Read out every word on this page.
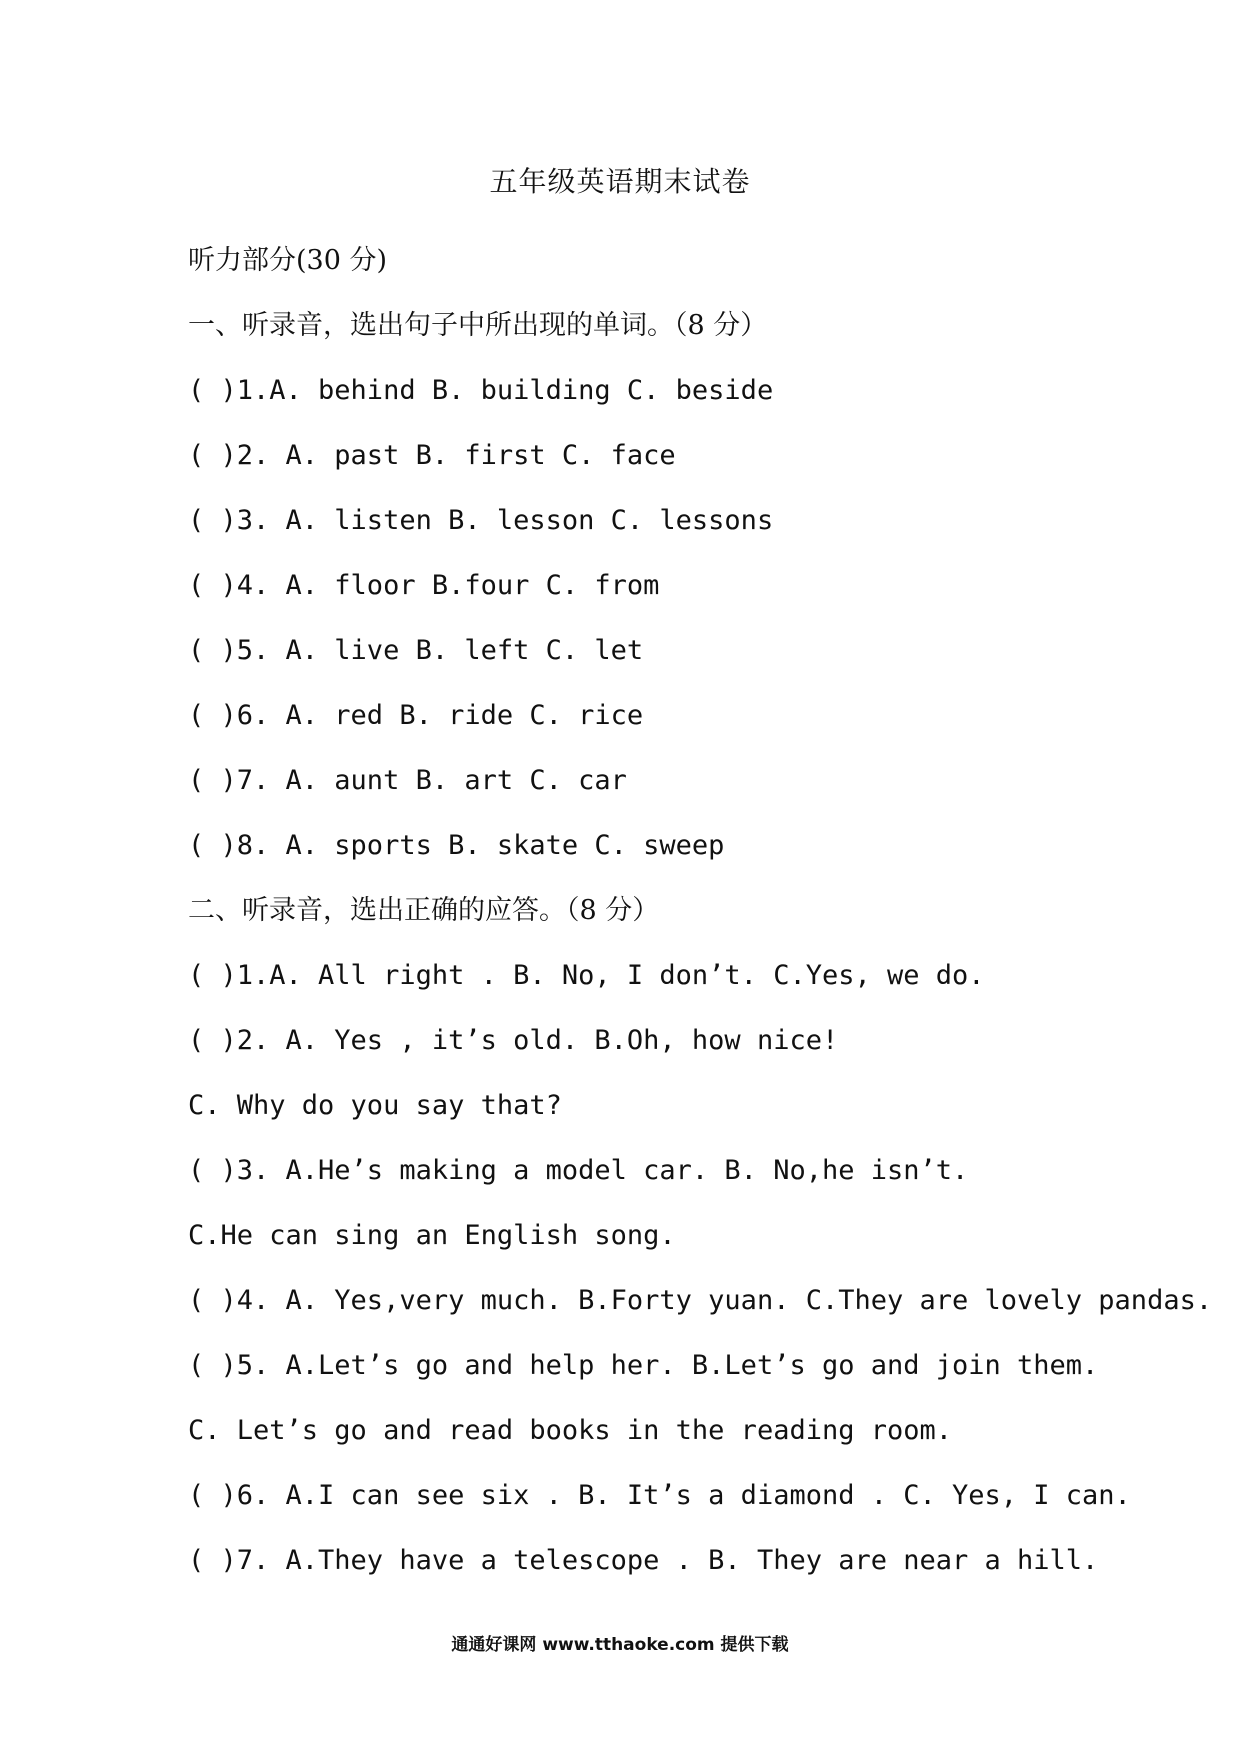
五年级英语期末试卷
听力部分(30 分)
一、听录音，选出句子中所出现的单词。（8 分）
( )1.A. behind B. building C. beside
( )2. A. past B. first C. face
( )3. A. listen B. lesson C. lessons
( )4. A. floor B.four C. from
( )5. A. live B. left C. let
( )6. A. red B. ride C. rice
( )7. A. aunt B. art C. car
( )8. A. sports B. skate C. sweep
二、听录音，选出正确的应答。（8 分）
( )1.A. All right . B. No, I don’t. C.Yes, we do.
( )2. A. Yes , it’s old. B.Oh, how nice!
C. Why do you say that?
( )3. A.He’s making a model car. B. No,he isn’t.
C.He can sing an English song.
( )4. A. Yes,very much. B.Forty yuan. C.They are lovely pandas.
( )5. A.Let’s go and help her. B.Let’s go and join them.
C. Let’s go and read books in the reading room.
( )6. A.I can see six . B. It’s a diamond . C. Yes, I can.
( )7. A.They have a telescope . B. They are near a hill.
通通好课网 www.tthaoke.com 提供下载
